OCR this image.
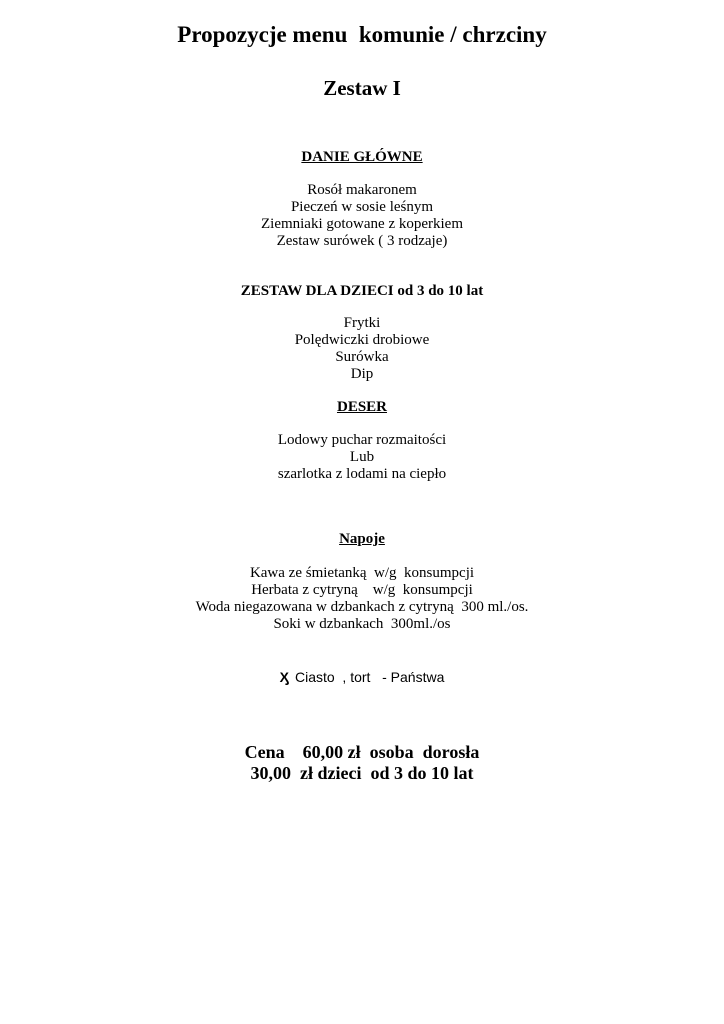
Propozycje menu  komunie / chrzciny
Zestaw I
DANIE GŁÓWNE
Rosół makaronem
Pieczeń w sosie leśnym
Ziemniaki gotowane z koperkiem
Zestaw surówek ( 3 rodzaje)
ZESTAW DLA DZIECI od 3 do 10 lat
Frytki
Polędwiczki drobiowe
Surówka
Dip
DESER
Lodowy puchar rozmaitości
Lub
szarlotka z lodami na ciepło
Napoje
Kawa ze śmietanką  w/g  konsumpcji
Herbata z cytryną    w/g  konsumpcji
Woda niegazowana w dzbankach z cytryną  300 ml./os.
Soki w dzbankach  300ml./os
Ӽ Ciasto  , tort   - Państwa
Cena    60,00 zł  osoba  dorosła
30,00  zł dzieci  od 3 do 10 lat
